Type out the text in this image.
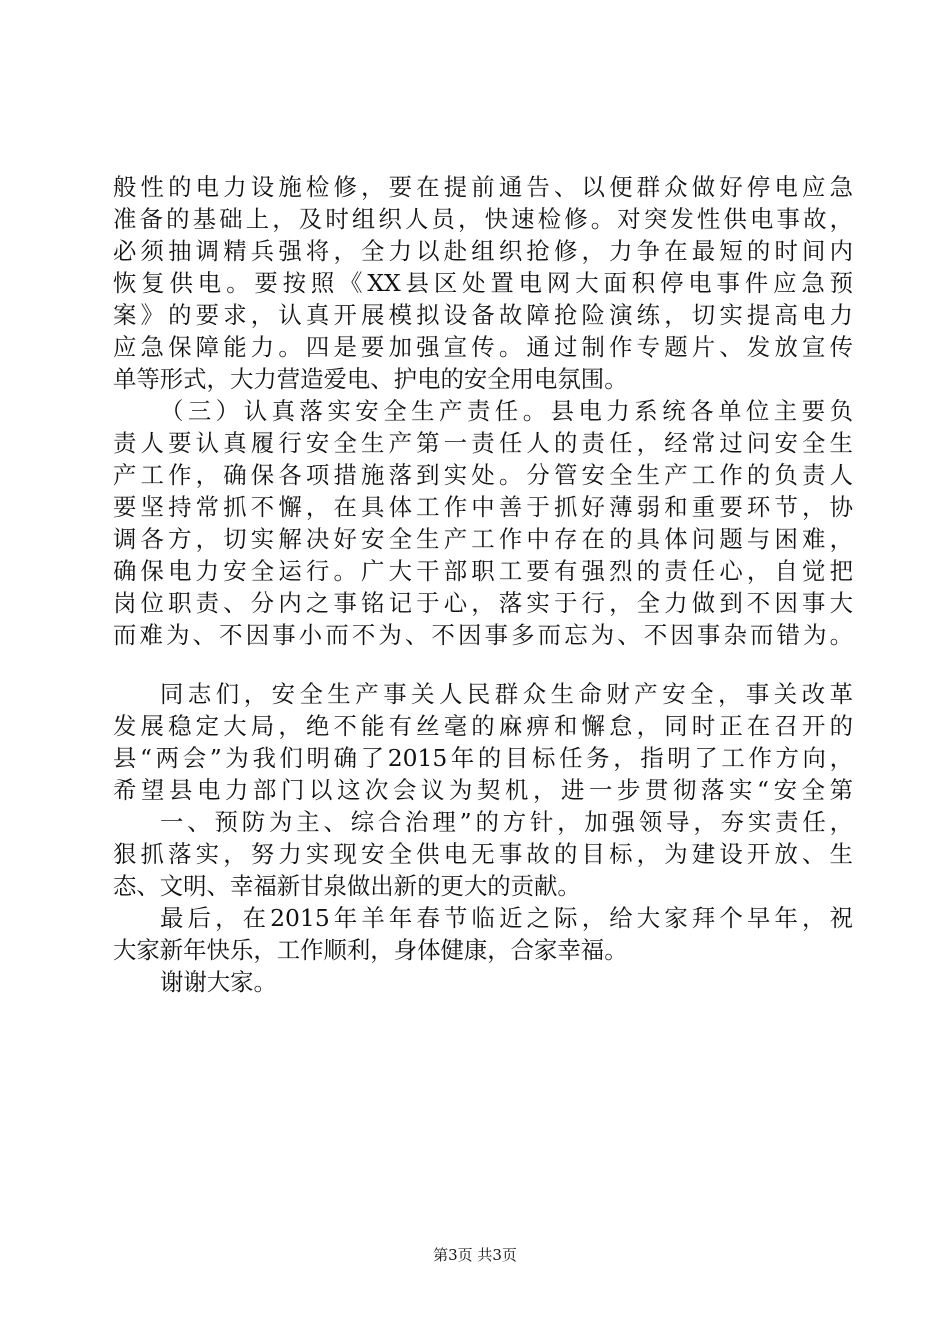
般性的电力设施检修，要在提前通告、以便群众做好停电应急
准备的基础上，及时组织人员，快速检修。对突发性供电事故，
必须抽调精兵强将，全力以赴组织抢修，力争在最短的时间内
恢复供电。要按照《XX县区处置电网大面积停电事件应急预
案》的要求，认真开展模拟设备故障抢险演练，切实提高电力
应急保障能力。四是要加强宣传。通过制作专题片、发放宣传
单等形式，大力营造爱电、护电的安全用电氛围。
（三）认真落实安全生产责任。县电力系统各单位主要负
责人要认真履行安全生产第一责任人的责任，经常过问安全生
产工作，确保各项措施落到实处。分管安全生产工作的负责人
要坚持常抓不懈，在具体工作中善于抓好薄弱和重要环节，协
调各方，切实解决好安全生产工作中存在的具体问题与困难，
确保电力安全运行。广大干部职工要有强烈的责任心，自觉把
岗位职责、分内之事铭记于心，落实于行，全力做到不因事大
而难为、不因事小而不为、不因事多而忘为、不因事杂而错为。
同志们，安全生产事关人民群众生命财产安全，事关改革
发展稳定大局，绝不能有丝毫的麻痹和懈怠，同时正在召开的
县“两会”为我们明确了2015年的目标任务，指明了工作方向，
希望县电力部门以这次会议为契机，进一步贯彻落实“安全第
一、预防为主、综合治理”的方针，加强领导，夯实责任，
狠抓落实，努力实现安全供电无事故的目标，为建设开放、生
态、文明、幸福新甘泉做出新的更大的贡献。
最后，在2015年羊年春节临近之际，给大家拜个早年，祝
大家新年快乐，工作顺利，身体健康，合家幸福。
谢谢大家。
第3页 共3页
